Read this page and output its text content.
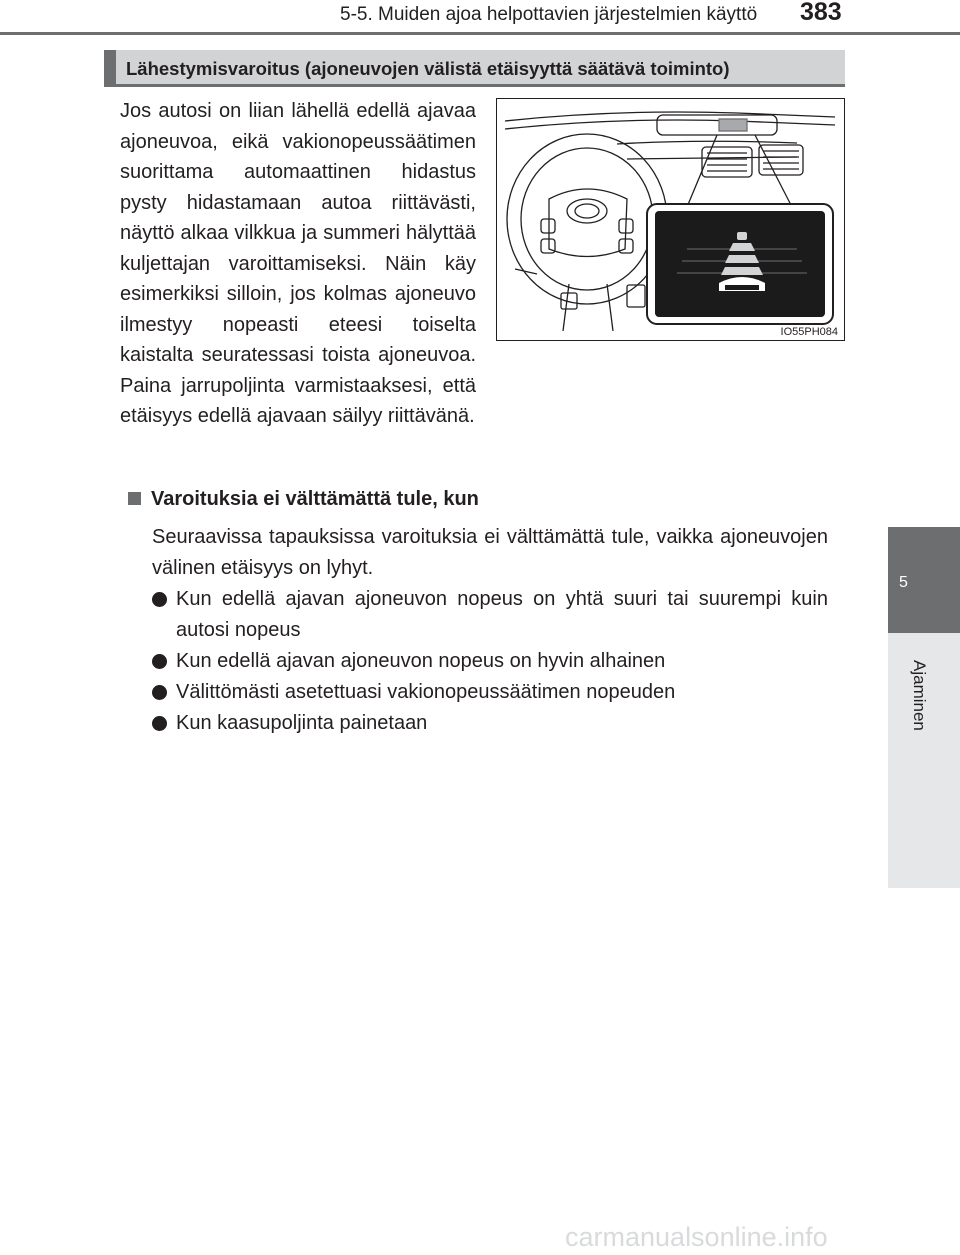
5-5. Muiden ajoa helpottavien järjestelmien käyttö 383
5
Ajaminen
Lähestymisvaroitus (ajoneuvojen välistä etäisyyttä säätävä toiminto)
Jos autosi on liian lähellä edellä ajavaa ajoneuvoa, eikä vakionopeussäätimen suorittama automaattinen hidastus pysty hidastamaan autoa riittävästi, näyttö alkaa vilkkua ja summeri hälyttää kuljettajan varoittamiseksi. Näin käy esimerkiksi silloin, jos kolmas ajoneuvo ilmestyy nopeasti eteesi toiselta kaistalta seuratessasi toista ajoneuvoa. Paina jarrupoljinta varmistaaksesi, että etäisyys edellä ajavaan säilyy riittävänä.
IO55PH084
Varoituksia ei välttämättä tule, kun
Seuraavissa tapauksissa varoituksia ei välttämättä tule, vaikka ajoneuvojen välinen etäisyys on lyhyt.
Kun edellä ajavan ajoneuvon nopeus on yhtä suuri tai suurempi kuin autosi nopeus
Kun edellä ajavan ajoneuvon nopeus on hyvin alhainen
Välittömästi asetettuasi vakionopeussäätimen nopeuden
Kun kaasupoljinta painetaan
carmanualsonline.info
